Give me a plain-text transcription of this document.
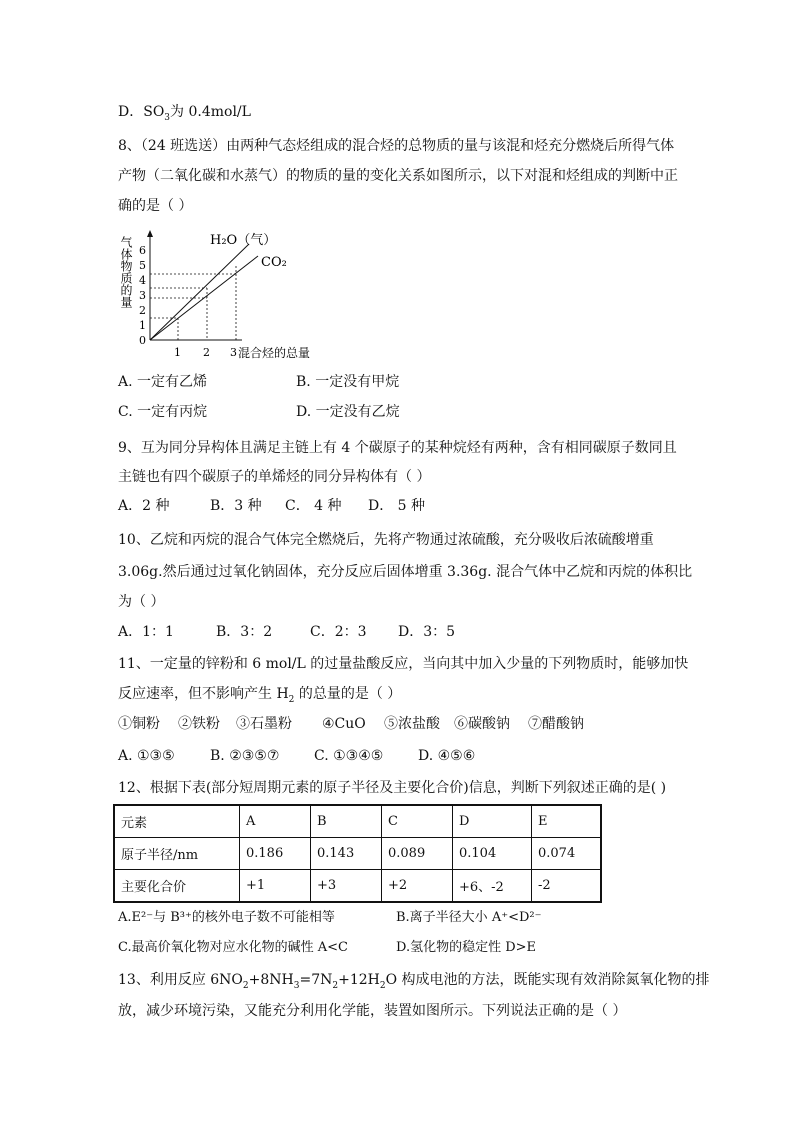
D．$SO_3$为 0.4mol/L
8、（24 班选送）由两种气态烃组成的混合烃的总物质的量与该混和烃充分燃烧后所得气体
产物（二氧化碳和水蒸气）的物质的量的变化关系如图所示，以下对混和烃组成的判断中正
确的是（ ）
气体物质的量
0
1
2
3
4
5
6
H₂O（气）
CO₂
1 2 3 混合烃的总量
A. 一定有乙烯	B. 一定没有甲烷
C. 一定有丙烷	D. 一定没有乙烷
9、互为同分异构体且满足主链上有 4 个碳原子的某种烷烃有两种，含有相同碳原子数同且
主链也有四个碳原子的单烯烃的同分异构体有（ ）
A．2 种	B．3 种 C． 4 种 D． 5 种
10、乙烷和丙烷的混合气体完全燃烧后，先将产物通过浓硫酸，充分吸收后浓硫酸增重
3.06g.然后通过过氧化钠固体，充分反应后固体增重 3.36g. 混合气体中乙烷和丙烷的体积比
为（ ）
A．1：1	B．3：2	C．2：3 D．3：5
11、一定量的锌粉和 6 mol/L 的过量盐酸反应，当向其中加入少量的下列物质时，能够加快
反应速率，但不影响产生 $H_2$ 的总量的是（ ）
①铜粉 ②铁粉 ③石墨粉 ④CuO ⑤浓盐酸 ⑥碳酸钠 ⑦醋酸钠
A. ①③⑤	B. ②③⑤⑦ C. ①③④⑤ D. ④⑤⑥
12、根据下表(部分短周期元素的原子半径及主要化合价)信息，判断下列叙述正确的是( )
元素	A	B	C	D	E
原子半径/nm	0.186	0.143	0.089	0.104	0.074
主要化合价	+1	+3	+2	+6、-2	-2
A.E²⁻与 B³⁺的核外电子数不可能相等	B.离子半径大小 A⁺<D²⁻
C.最高价氧化物对应水化物的碱性 A<C	D.氢化物的稳定性 D>E
13、利用反应 $6NO_2+8NH_3=7N_2+12H_2O$ 构成电池的方法，既能实现有效消除氮氧化物的排
放，减少环境污染，又能充分利用化学能，装置如图所示。下列说法正确的是（ ）
